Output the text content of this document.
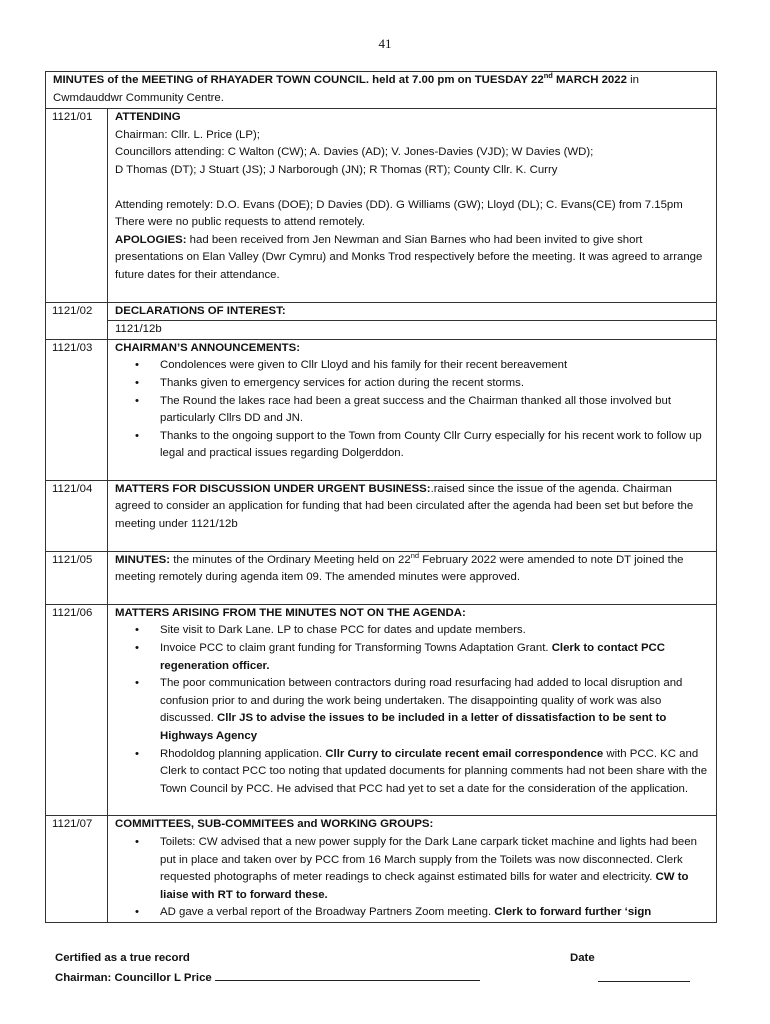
41
MINUTES of the MEETING of RHAYADER TOWN COUNCIL. held at 7.00 pm on TUESDAY 22nd MARCH 2022 in
Cwmdauddwr Community Centre.
1121/01	ATTENDING
Chairman: Cllr. L. Price (LP);
Councillors attending: C Walton (CW); A. Davies (AD); V. Jones-Davies (VJD); W Davies (WD);
D Thomas (DT); J Stuart (JS); J Narborough (JN); R Thomas (RT); County Cllr. K. Curry
Attending remotely: D.O. Evans (DOE); D Davies (DD). G Williams (GW); Lloyd (DL); C. Evans(CE) from 7.15pm
There were no public requests to attend remotely.
APOLOGIES: had been received from Jen Newman and Sian Barnes who had been invited to give short presentations on Elan Valley (Dwr Cymru) and Monks Trod respectively before the meeting. It was agreed to arrange future dates for their attendance.
1121/02	DECLARATIONS OF INTEREST:
1121/12b
1121/03	CHAIRMAN’S ANNOUNCEMENTS:
• Condolences were given to Cllr Lloyd and his family for their recent bereavement
• Thanks given to emergency services for action during the recent storms.
• The Round the lakes race had been a great success and the Chairman thanked all those involved but particularly Cllrs DD and JN.
• Thanks to the ongoing support to the Town from County Cllr Curry especially for his recent work to follow up legal and practical issues regarding Dolgerddon.
1121/04	MATTERS FOR DISCUSSION UNDER URGENT BUSINESS:.raised since the issue of the agenda. Chairman agreed to consider an application for funding that had been circulated after the agenda had been set but before the meeting under 1121/12b
1121/05	MINUTES: the minutes of the Ordinary Meeting held on 22nd February 2022 were amended to note DT joined the meeting remotely during agenda item 09. The amended minutes were approved.
1121/06	MATTERS ARISING FROM THE MINUTES NOT ON THE AGENDA:
• Site visit to Dark Lane. LP to chase PCC for dates and update members.
• Invoice PCC to claim grant funding for Transforming Towns Adaptation Grant. Clerk to contact PCC regeneration officer.
• The poor communication between contractors during road resurfacing had added to local disruption and confusion prior to and during the work being undertaken. The disappointing quality of work was also discussed. Cllr JS to advise the issues to be included in a letter of dissatisfaction to be sent to Highways Agency
• Rhodoldog planning application. Cllr Curry to circulate recent email correspondence with PCC. KC and Clerk to contact PCC too noting that updated documents for planning comments had not been share with the Town Council by PCC. He advised that PCC had yet to set a date for the consideration of the application.
1121/07	COMMITTEES, SUB-COMMITEES and WORKING GROUPS:
• Toilets: CW advised that a new power supply for the Dark Lane carpark ticket machine and lights had been put in place and taken over by PCC from 16 March supply from the Toilets was now disconnected. Clerk requested photographs of meter readings to check against estimated bills for water and electricity. CW to liaise with RT to forward these.
• AD gave a verbal report of the Broadway Partners Zoom meeting. Clerk to forward further ‘sign
Certified as a true record
Chairman: Councillor L Price
Date
